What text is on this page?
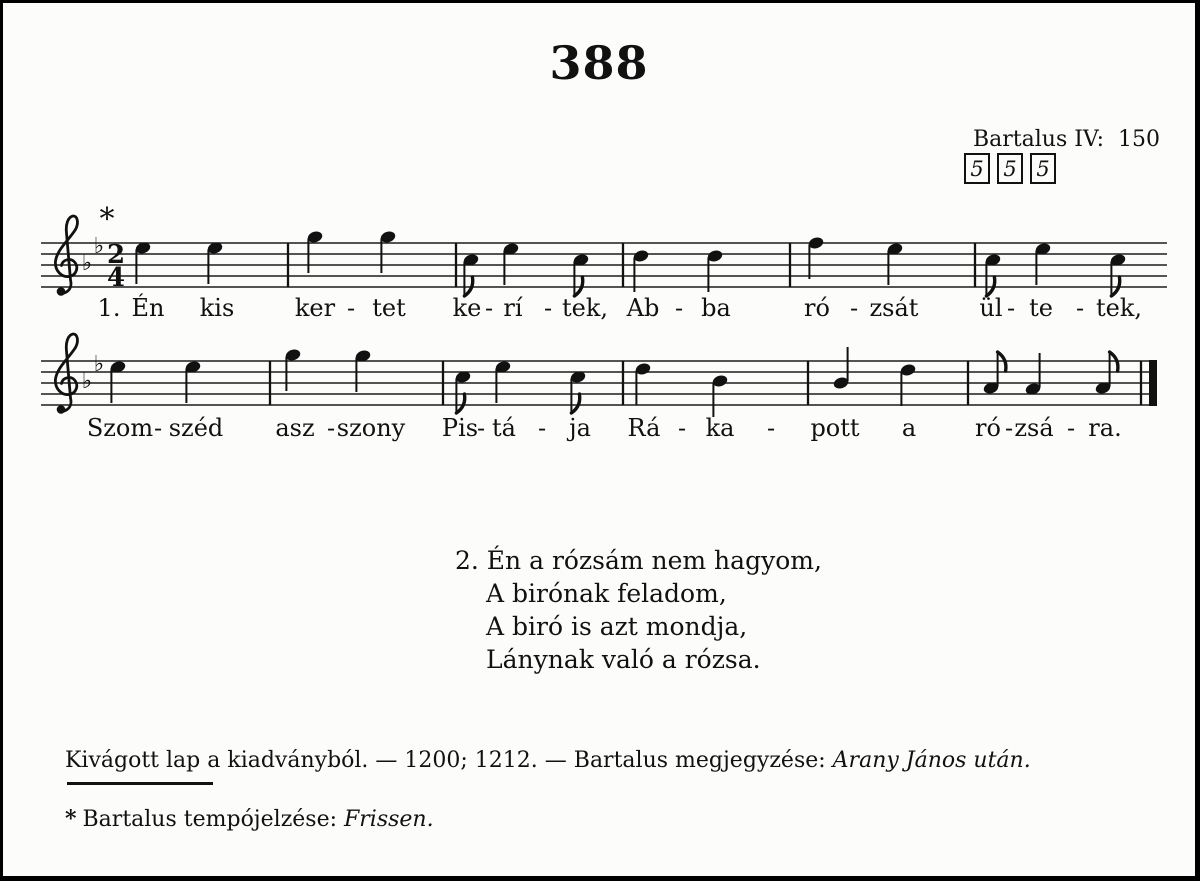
388
Bartalus IV:  150
5 5 5
♭
♭ 2
4
*
1. Én kis	ker - tet ke - rí - tek, Ab - ba	ró - zsát	ül - te - tek,
♭
♭
Szom - széd asz - szony Pis
- tá - ja Rá - ka - pott a ró - zsá - ra.
2. Én a rózsám nem hagyom,
A birónak feladom,
A biró is azt mondja,
Lánynak való a rózsa.
Kivágott lap a kiadványból. — 1200; 1212. — Bartalus megjegyzése: Arany János után.
* Bartalus tempójelzése: Frissen.
